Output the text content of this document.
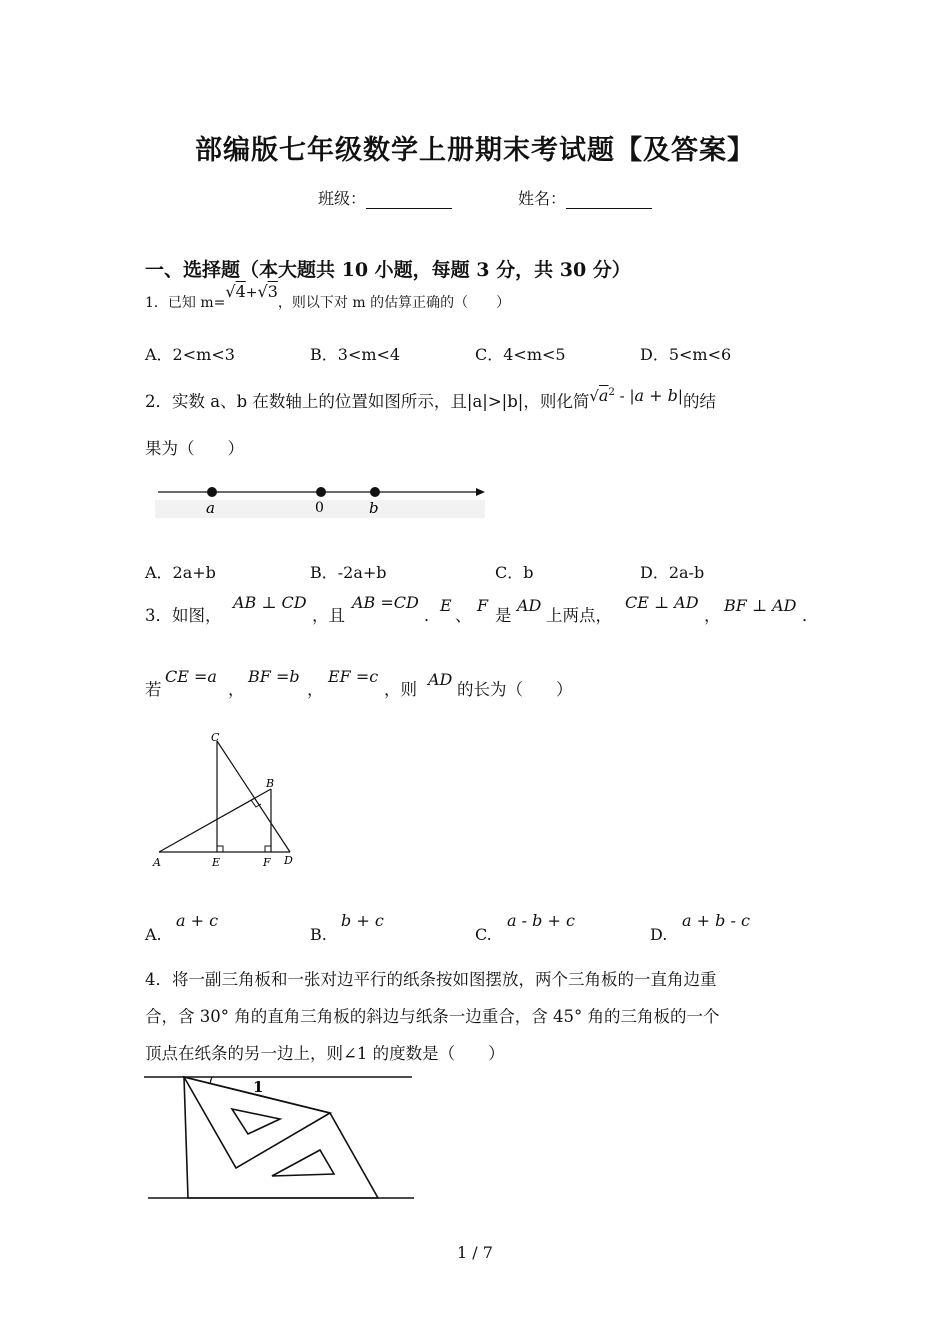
部编版七年级数学上册期末考试题【及答案】
班级：	姓名：
一、选择题（本大题共 10 小题，每题 3 分，共 30 分）
1．已知 m=√4+√3，则以下对 m 的估算正确的（　　）
A．2<m<3	B．3<m<4	C．4<m<5	D．5<m<6
2．实数 a、b 在数轴上的位置如图所示，且|a|>|b|，则化简$√a^2 - |a + b|$的结
果为（　　）
a	0	b
A．2a+b	B．-2a+b	C．b	D．2a-b
3．如图，
AB ⊥ CD
，且
AB =CD
．
E
、
F
是
AD
上两点，
CE ⊥ AD
，
BF ⊥ AD
．
若
CE =a
，
BF =b
，
EF =c
，则
AD
的长为（　　）
C
B
A	E	F D
A.
a + c
B.
b + c
C.
a - b + c
D.
a + b - c
4．将一副三角板和一张对边平行的纸条按如图摆放，两个三角板的一直角边重
合，含 30° 角的直角三角板的斜边与纸条一边重合，含 45° 角的三角板的一个
顶点在纸条的另一边上，则∠1 的度数是（　　）
1
1 / 7
